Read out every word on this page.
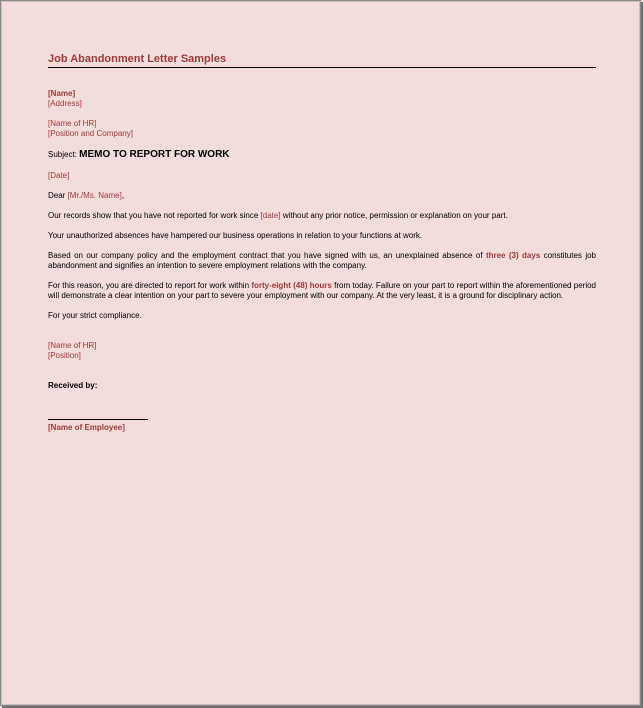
Job Abandonment Letter Samples
[Name]
[Address]
[Name of HR]
[Position and Company]
Subject: MEMO TO REPORT FOR WORK
[Date]
Dear [Mr./Ms. Name],
Our records show that you have not reported for work since [date] without any prior notice, permission or explanation on your part.
Your unauthorized absences have hampered our business operations in relation to your functions at work.
Based on our company policy and the employment contract that you have signed with us, an unexplained absence of three (3) days constitutes job abandonment and signifies an intention to severe employment relations with the company.
For this reason, you are directed to report for work within forty-eight (48) hours from today. Failure on your part to report within the aforementioned period will demonstrate a clear intention on your part to severe your employment with our company. At the very least, it is a ground for disciplinary action.
For your strict compliance.
[Name of HR]
[Position]
Received by:
[Name of Employee]
